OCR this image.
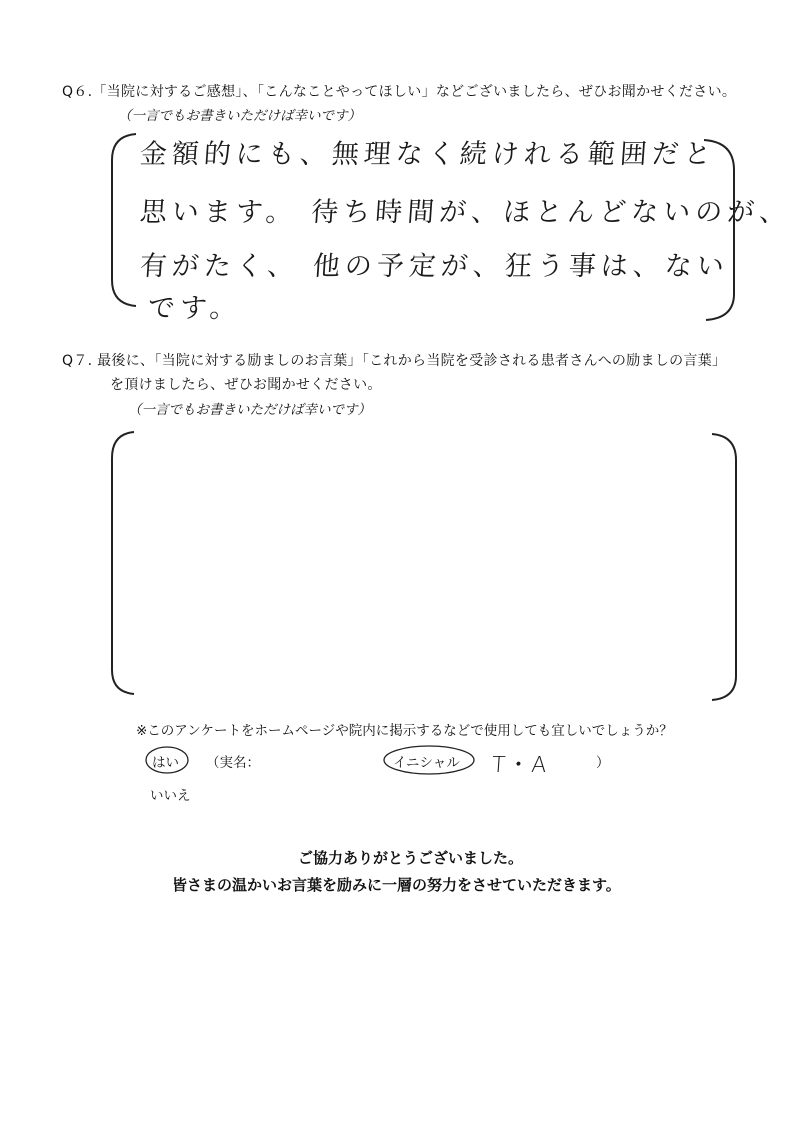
Q６.「当院に対するご感想」、「こんなことやってほしい」などございましたら、ぜひお聞かせください。
（一言でもお書きいただけば幸いです）
金額的にも、無理なく続けれる範囲だと
思います。 待ち時間が、ほとんどないのが、
有がたく、 他の予定が、狂う事は、ない
です。
Q７. 最後に、「当院に対する励ましのお言葉」「これから当院を受診される患者さんへの励ましの言葉」
を頂けましたら、ぜひお聞かせください。
（一言でもお書きいただけば幸いです）
※このアンケートをホームページや院内に掲示するなどで使用しても宜しいでしょうか？
はい （実名：	イニシャル T・A	）
いいえ
ご協力ありがとうございました。
皆さまの温かいお言葉を励みに一層の努力をさせていただきます。
